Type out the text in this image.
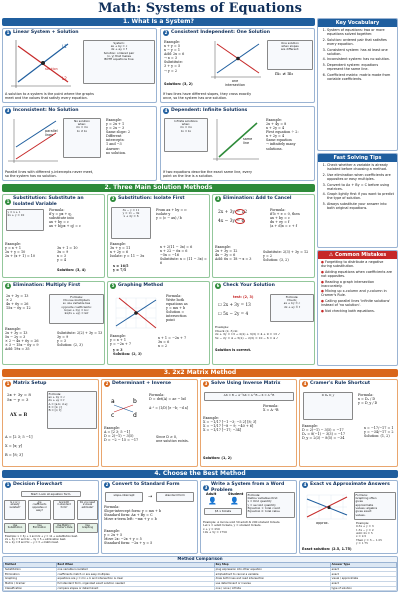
Math: Systems of Equations
1. What Is a System?
1 Linear System + Solution
L1
L2
solution
System:
ax + by = c
dx + ey = f
Solution: ordered pair
(x, y) that makes
BOTH equations true
A solution to a system is the point where the graphs
meet and the values that satisfy every equation.
2 Consistent Independent: One Solution
Example:
x + y = 5
x − y = 1
Add: 2x = 6
→ x = 3
Substitute:
3 + y = 5
→ y = 2
one
intersection
One solution
when slopes
are different:
m₁ ≠ m₂
Solution: (3, 2)
If two lines have different slopes, they cross exactly
once, so the system has one solution.
3 Inconsistent: No Solution
parallel
lines
No solution
when:
m₁ = m₂
b₁ ≠ b₂
Example:
y = 2x + 1
y = 2x − 3
Same slope: 2
Different
intercepts:
1 and −3
Answer:
no solution.
Parallel lines with different y-intercepts never meet,
so the system has no solution.
4 Dependent: Infinite Solutions
Infinite solutions
when:
m₁ = m₂
b₁ = b₂
same
line
Example:
2x + 4y = 8
x + 2y = 4
First equation ÷ 2:
x + 2y = 4
Same equation
→ infinitely many
solutions.
If two equations describe the exact same line, every
point on the line is a solution.
Key Vocabulary
1. System of equations: two or more equations solved together.
2. Solution: ordered pair that satisfies every equation.
3. Consistent system: has at least one solution.
4. Inconsistent system: has no solution.
5. Dependent system: equations represent the same line.
6. Coefficient matrix: matrix made from variable coefficients.
Fast Solving Tips
1. Check whether a variable is already isolated before choosing a method.
2. Use elimination when coefficients are opposites or easy multiples.
3. Convert to Ax + By = C before using matrices.
4. Graph lightly first if you want to predict the type of solution.
5. Always substitute your answer into both original equations.
⚠ Common Mistakes
● Forgetting to distribute a negative during substitution.
● Adding equations when coefficients are not opposites.
● Reading a graph intersection inaccurately.
● Mixing up x-column and y-column in Cramer's Rule.
● Calling parallel lines 'infinite solutions' instead of 'no solution'.
● Not checking both equations.
2. Three Main Solution Methods
1 Substitution: Substitute an Isolated Variable
y = x + 1
2x + y = 10
Formula:
if y = px + q,
substitute into
ax + by = c
ax + b(px + q) = c
Example:
y = x + 1
2x + y = 10
2x + (x + 1) = 10
3x + 1 = 10
3x = 9
x = 3
y = 4
Solution: (3, 4)
2 Substitution: Isolate First
3x − y = 11
y = 11 − 3x
x + 2y = 6
From ax + by = c:
isolate y
y = (c − ax) / b
Example:
3x + y = 11
x + 2y = 6
Isolate: y = 11 − 3x
x + 2(11 − 3x) = 6
x + 22 − 6x = 6
−5x = −16
Substitute: x = (11 − 3x) = 6
x = 16/5
y = 7/5
3 Elimination: Add to Cancel
2x + 3y = 12
4x − 3y = 6
Formula:
if b + e = 0, then
ax + by = c
dx + ey = f
(a + d)x = c + f
Example:
2x + 3y = 12
4x − 3y = 6
Add: 6x = 18 → x = 3
Substitute: 2(3) + 3y = 12
y = 2
Solution: (3, 2)
4 Elimination: Multiply First
2x + 3y = 13
× 2
4x + 6y = 26
15x − 6y = 12
Formula:
Choose multipliers
so one variable has
opposite coefficients:
k₁(ax + by) = k₁c
k₂(dx + ey) = k₂f
Example:
2x + 3y = 13
5x − 2y = 3
× 2 → 4x + 6y = 26
× 3 → 15x − 6y = 9
Add: 19x = 35
Substitute: 2(2) + 3y = 13
3y = 9
y = 3
Solution: (2, 3)
5 Graphing Method
Formula:
Write both
equations as
y = mx + b
Solution =
intersection
point
Example:
y = x + 1
y = −2x + 7
x + 1 = −2x + 7
3x = 6
x = 2
y = 3
Solution: (2, 3)
6 Check Your Solution
test: (2, 3)
☐ 2x + 3y = 13
☐ 5x − 2y = 4
Formula:
Check:
ax + by ≟ c
dx + ey ≟ f
Example:
Check (2, 3) in:
2x + 3y = 13 → 2(2) + 3(3) = 4 + 9 = 13 ✓
5x − 2y = 4 → 5(2) − 2(3) = 10 − 6 = 4 ✓
Solution is correct.
3. 2x2 Matrix Method
1 Matrix Setup
2x + 3y = 8
5x − y = 3
Formula:
ax + by = c
dx + ey = f
A = [a b; d e]
X = [x; y]
B = [c; f]
AX = B
A = [2 3; 5 −1]
X = [x; y]
B = [8; 3]
2 Determinant + Inverse
a	b
c	d
Formula:
D = det(A) = ae − bd
A⁻¹ = (1/D) [e −b; −d a]
Example:
A = [2 3; 5 −1]
D = 2(−1) − 3(5)
D = −2 − 15 = −17
Since D ≠ 0,
one solution exists.
3 Solve Using Inverse Matrix
AX = B → A⁻¹AX = A⁻¹B → X = A⁻¹B
Formula:
X = A⁻¹B
Example:
X = −1/17 [−1 −3; −5 2] [8; 3]
X = −1/17 [−8 − 9; −40 + 6]
X = −1/17 [−17; −34]
Solution: (1, 2)
4 Cramer's Rule Shortcut
D Dₓ D_y	Formula:
x = Dₓ / D
y = D_y / D
Example:
D = 2(−1) − 3(5) = −17
Dₓ = 8(−1) − 3(3) = −17
D_y = 2(3) − 8(5) = −34
x = −17/−17 = 1
y = −34/−17 = 2
Solution: (1, 2)
4. Choose the Best Method
1 Decision Flowchart
Start: Look at equation form.
Is x or y
already
isolated?
Are
coefficients
opposites or
easy?
Are both
in standard
form?
Do you need
a visual
estimate?
Use
Substitution
Use
Elimination
Use Matrix /
Cramer's Rule
Use
Graphing
Example: x = 3y + 1 and 2x + y = 11 → substitution best.
2x + 3y = 7 and 4x − 3y = 5 → elimination best.
3x + 2y = 8 and 5x − y = 3 → matrix best.
2 Convert to Standard Form
slope-intercept	→	standard form
Formula:
Slope-intercept form: y = mx + b
Standard form: Ax + By = C
Move x-term left: −mx + y = b
Example:
y = 2x + 5
Move 2x: −2x + y = 5
Standard form: −2x + y = 5
3 Write a System from a Word Problem
Adult	Student
👤 👤
$5 x tickets
Formula:
Define variables first:
x = first quantity
y = second quantity
Equation 1: total count
Equation 2: total value
Example: A movie sold 50 adult & 200 student tickets.
Let x = adult tickets, y = student tickets.
x + y = 250
10x + 5y = 1750
4 Exact vs Approximate Answers
approx.
Formula:
Graphing often
gives
approximate
values; algebra
gives exact
values.
Example:
0.5x + y = 3
1.5x − y = 2
Add: 2x = 5
x = 2.5
Then y = 3 − 1.25
y = 1.75
Exact solution: (2.5, 1.75)
Method Comparison
Method	Best When	Key Step	Answer Type
Substitution	one variable is isolated	plug expression into other equation	exact
Elimination	coefficients match or are easy multiples	add/subtract to cancel a variable	exact
Graphing	equations are y = mx + b and intersection is clear	draw both lines and read intersection	visual / approximate
Matrix / Cramer	full standard form, organized exact solution needed	use determinant or inverse	exact
Classification	compare slopes or determinant	one / none / infinite	type of solution
